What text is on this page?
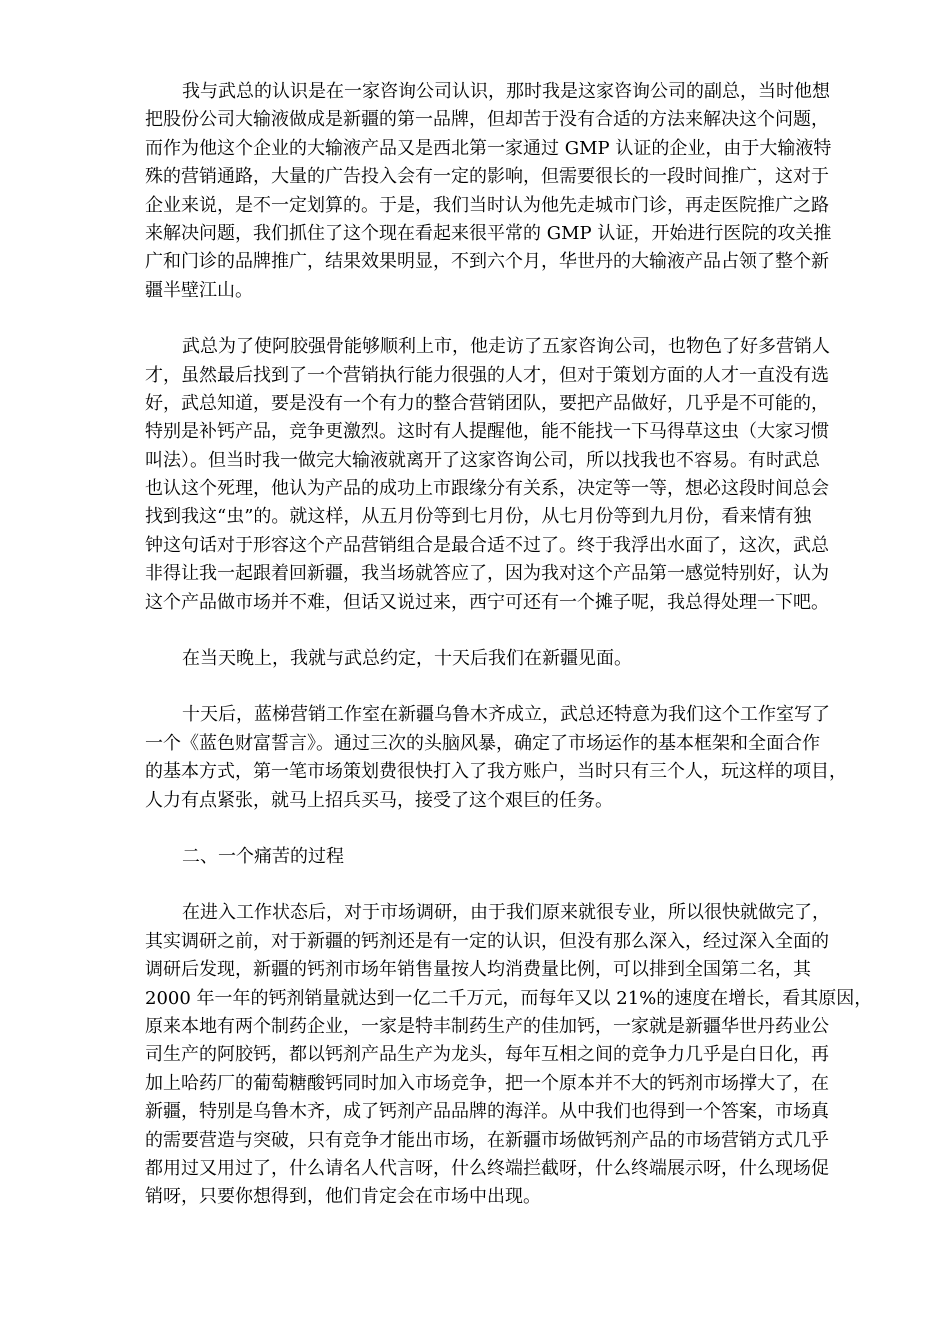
我与武总的认识是在一家咨询公司认识，那时我是这家咨询公司的副总，当时他想
把股份公司大输液做成是新疆的第一品牌，但却苦于没有合适的方法来解决这个问题，
而作为他这个企业的大输液产品又是西北第一家通过 GMP 认证的企业，由于大输液特
殊的营销通路，大量的广告投入会有一定的影响，但需要很长的一段时间推广，这对于
企业来说，是不一定划算的。于是，我们当时认为他先走城市门诊，再走医院推广之路
来解决问题，我们抓住了这个现在看起来很平常的 GMP 认证，开始进行医院的攻关推
广和门诊的品牌推广，结果效果明显，不到六个月，华世丹的大输液产品占领了整个新
疆半壁江山。
武总为了使阿胶强骨能够顺利上市，他走访了五家咨询公司，也物色了好多营销人
才，虽然最后找到了一个营销执行能力很强的人才，但对于策划方面的人才一直没有选
好，武总知道，要是没有一个有力的整合营销团队，要把产品做好，几乎是不可能的，
特别是补钙产品，竞争更激烈。这时有人提醒他，能不能找一下马得草这虫（大家习惯
叫法）。但当时我一做完大输液就离开了这家咨询公司，所以找我也不容易。有时武总
也认这个死理，他认为产品的成功上市跟缘分有关系，决定等一等，想必这段时间总会
找到我这“虫”的。就这样，从五月份等到七月份，从七月份等到九月份，看来情有独
钟这句话对于形容这个产品营销组合是最合适不过了。终于我浮出水面了，这次，武总
非得让我一起跟着回新疆，我当场就答应了，因为我对这个产品第一感觉特别好，认为
这个产品做市场并不难，但话又说过来，西宁可还有一个摊子呢，我总得处理一下吧。
在当天晚上，我就与武总约定，十天后我们在新疆见面。
十天后，蓝梯营销工作室在新疆乌鲁木齐成立，武总还特意为我们这个工作室写了
一个《蓝色财富誓言》。通过三次的头脑风暴，确定了市场运作的基本框架和全面合作
的基本方式，第一笔市场策划费很快打入了我方账户，当时只有三个人，玩这样的项目，
人力有点紧张，就马上招兵买马，接受了这个艰巨的任务。
二、一个痛苦的过程
在进入工作状态后，对于市场调研，由于我们原来就很专业，所以很快就做完了，
其实调研之前，对于新疆的钙剂还是有一定的认识，但没有那么深入，经过深入全面的
调研后发现，新疆的钙剂市场年销售量按人均消费量比例，可以排到全国第二名，其
2000 年一年的钙剂销量就达到一亿二千万元，而每年又以 21%的速度在增长，看其原因，
原来本地有两个制药企业，一家是特丰制药生产的佳加钙，一家就是新疆华世丹药业公
司生产的阿胶钙，都以钙剂产品生产为龙头，每年互相之间的竞争力几乎是白日化，再
加上哈药厂的葡萄糖酸钙同时加入市场竞争，把一个原本并不大的钙剂市场撑大了，在
新疆，特别是乌鲁木齐，成了钙剂产品品牌的海洋。从中我们也得到一个答案，市场真
的需要营造与突破，只有竞争才能出市场，在新疆市场做钙剂产品的市场营销方式几乎
都用过又用过了，什么请名人代言呀，什么终端拦截呀，什么终端展示呀，什么现场促
销呀，只要你想得到，他们肯定会在市场中出现。
